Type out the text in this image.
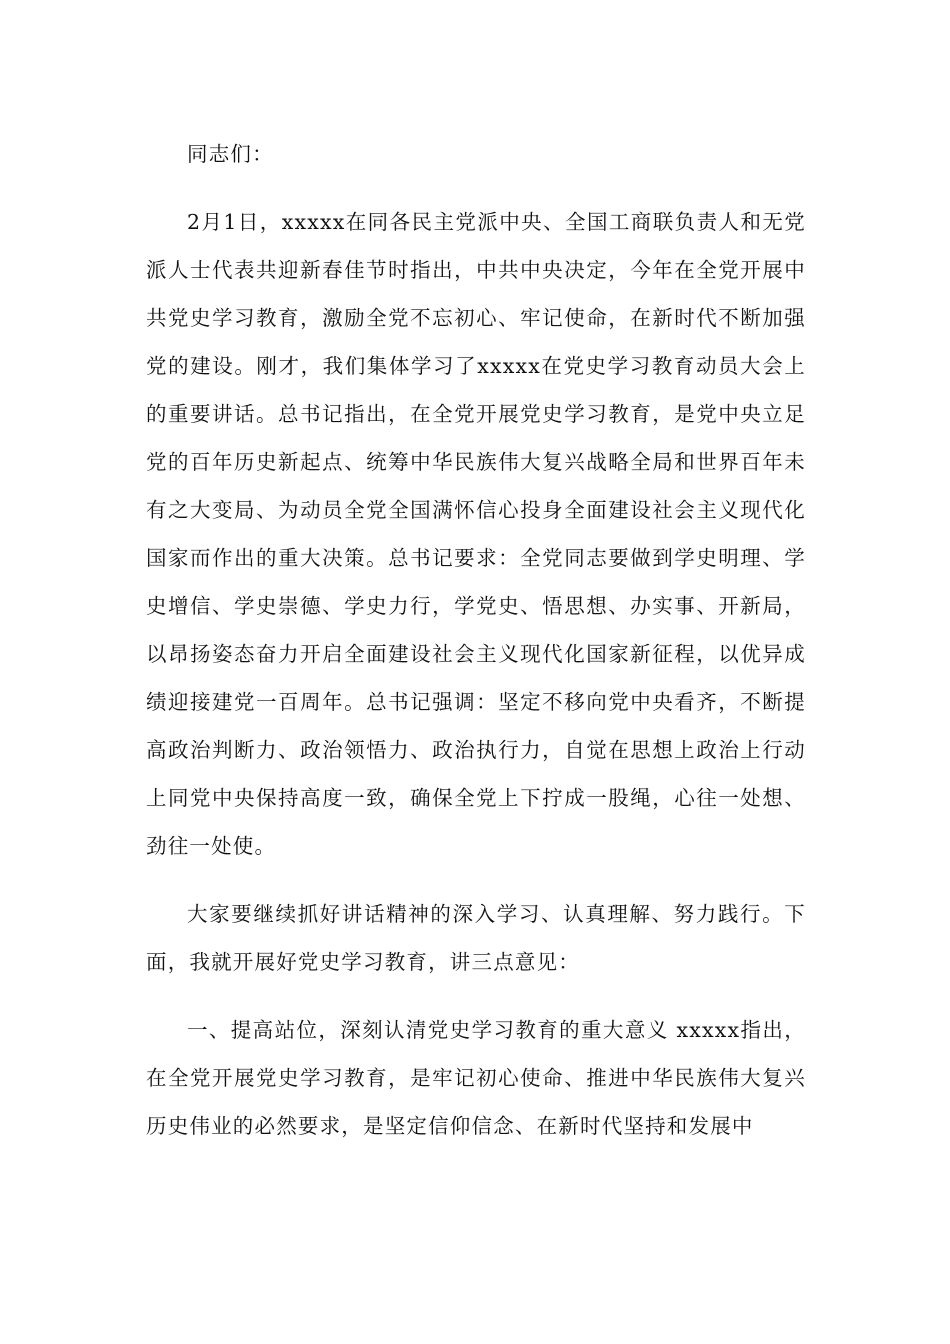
同志们：

2月1日，xxxxx在同各民主党派中央、全国工商联负责人和无党派人士代表共迎新春佳节时指出，中共中央决定，今年在全党开展中共党史学习教育，激励全党不忘初心、牢记使命，在新时代不断加强党的建设。刚才，我们集体学习了xxxxx在党史学习教育动员大会上的重要讲话。总书记指出，在全党开展党史学习教育，是党中央立足党的百年历史新起点、统筹中华民族伟大复兴战略全局和世界百年未有之大变局、为动员全党全国满怀信心投身全面建设社会主义现代化国家而作出的重大决策。总书记要求：全党同志要做到学史明理、学史增信、学史崇德、学史力行，学党史、悟思想、办实事、开新局，以昂扬姿态奋力开启全面建设社会主义现代化国家新征程，以优异成绩迎接建党一百周年。总书记强调：坚定不移向党中央看齐，不断提高政治判断力、政治领悟力、政治执行力，自觉在思想上政治上行动上同党中央保持高度一致，确保全党上下拧成一股绳，心往一处想、劲往一处使。

大家要继续抓好讲话精神的深入学习、认真理解、努力践行。下面，我就开展好党史学习教育，讲三点意见：

一、提高站位，深刻认清党史学习教育的重大意义 xxxxx指出，在全党开展党史学习教育，是牢记初心使命、推进中华民族伟大复兴历史伟业的必然要求，是坚定信仰信念、在新时代坚持和发展中
